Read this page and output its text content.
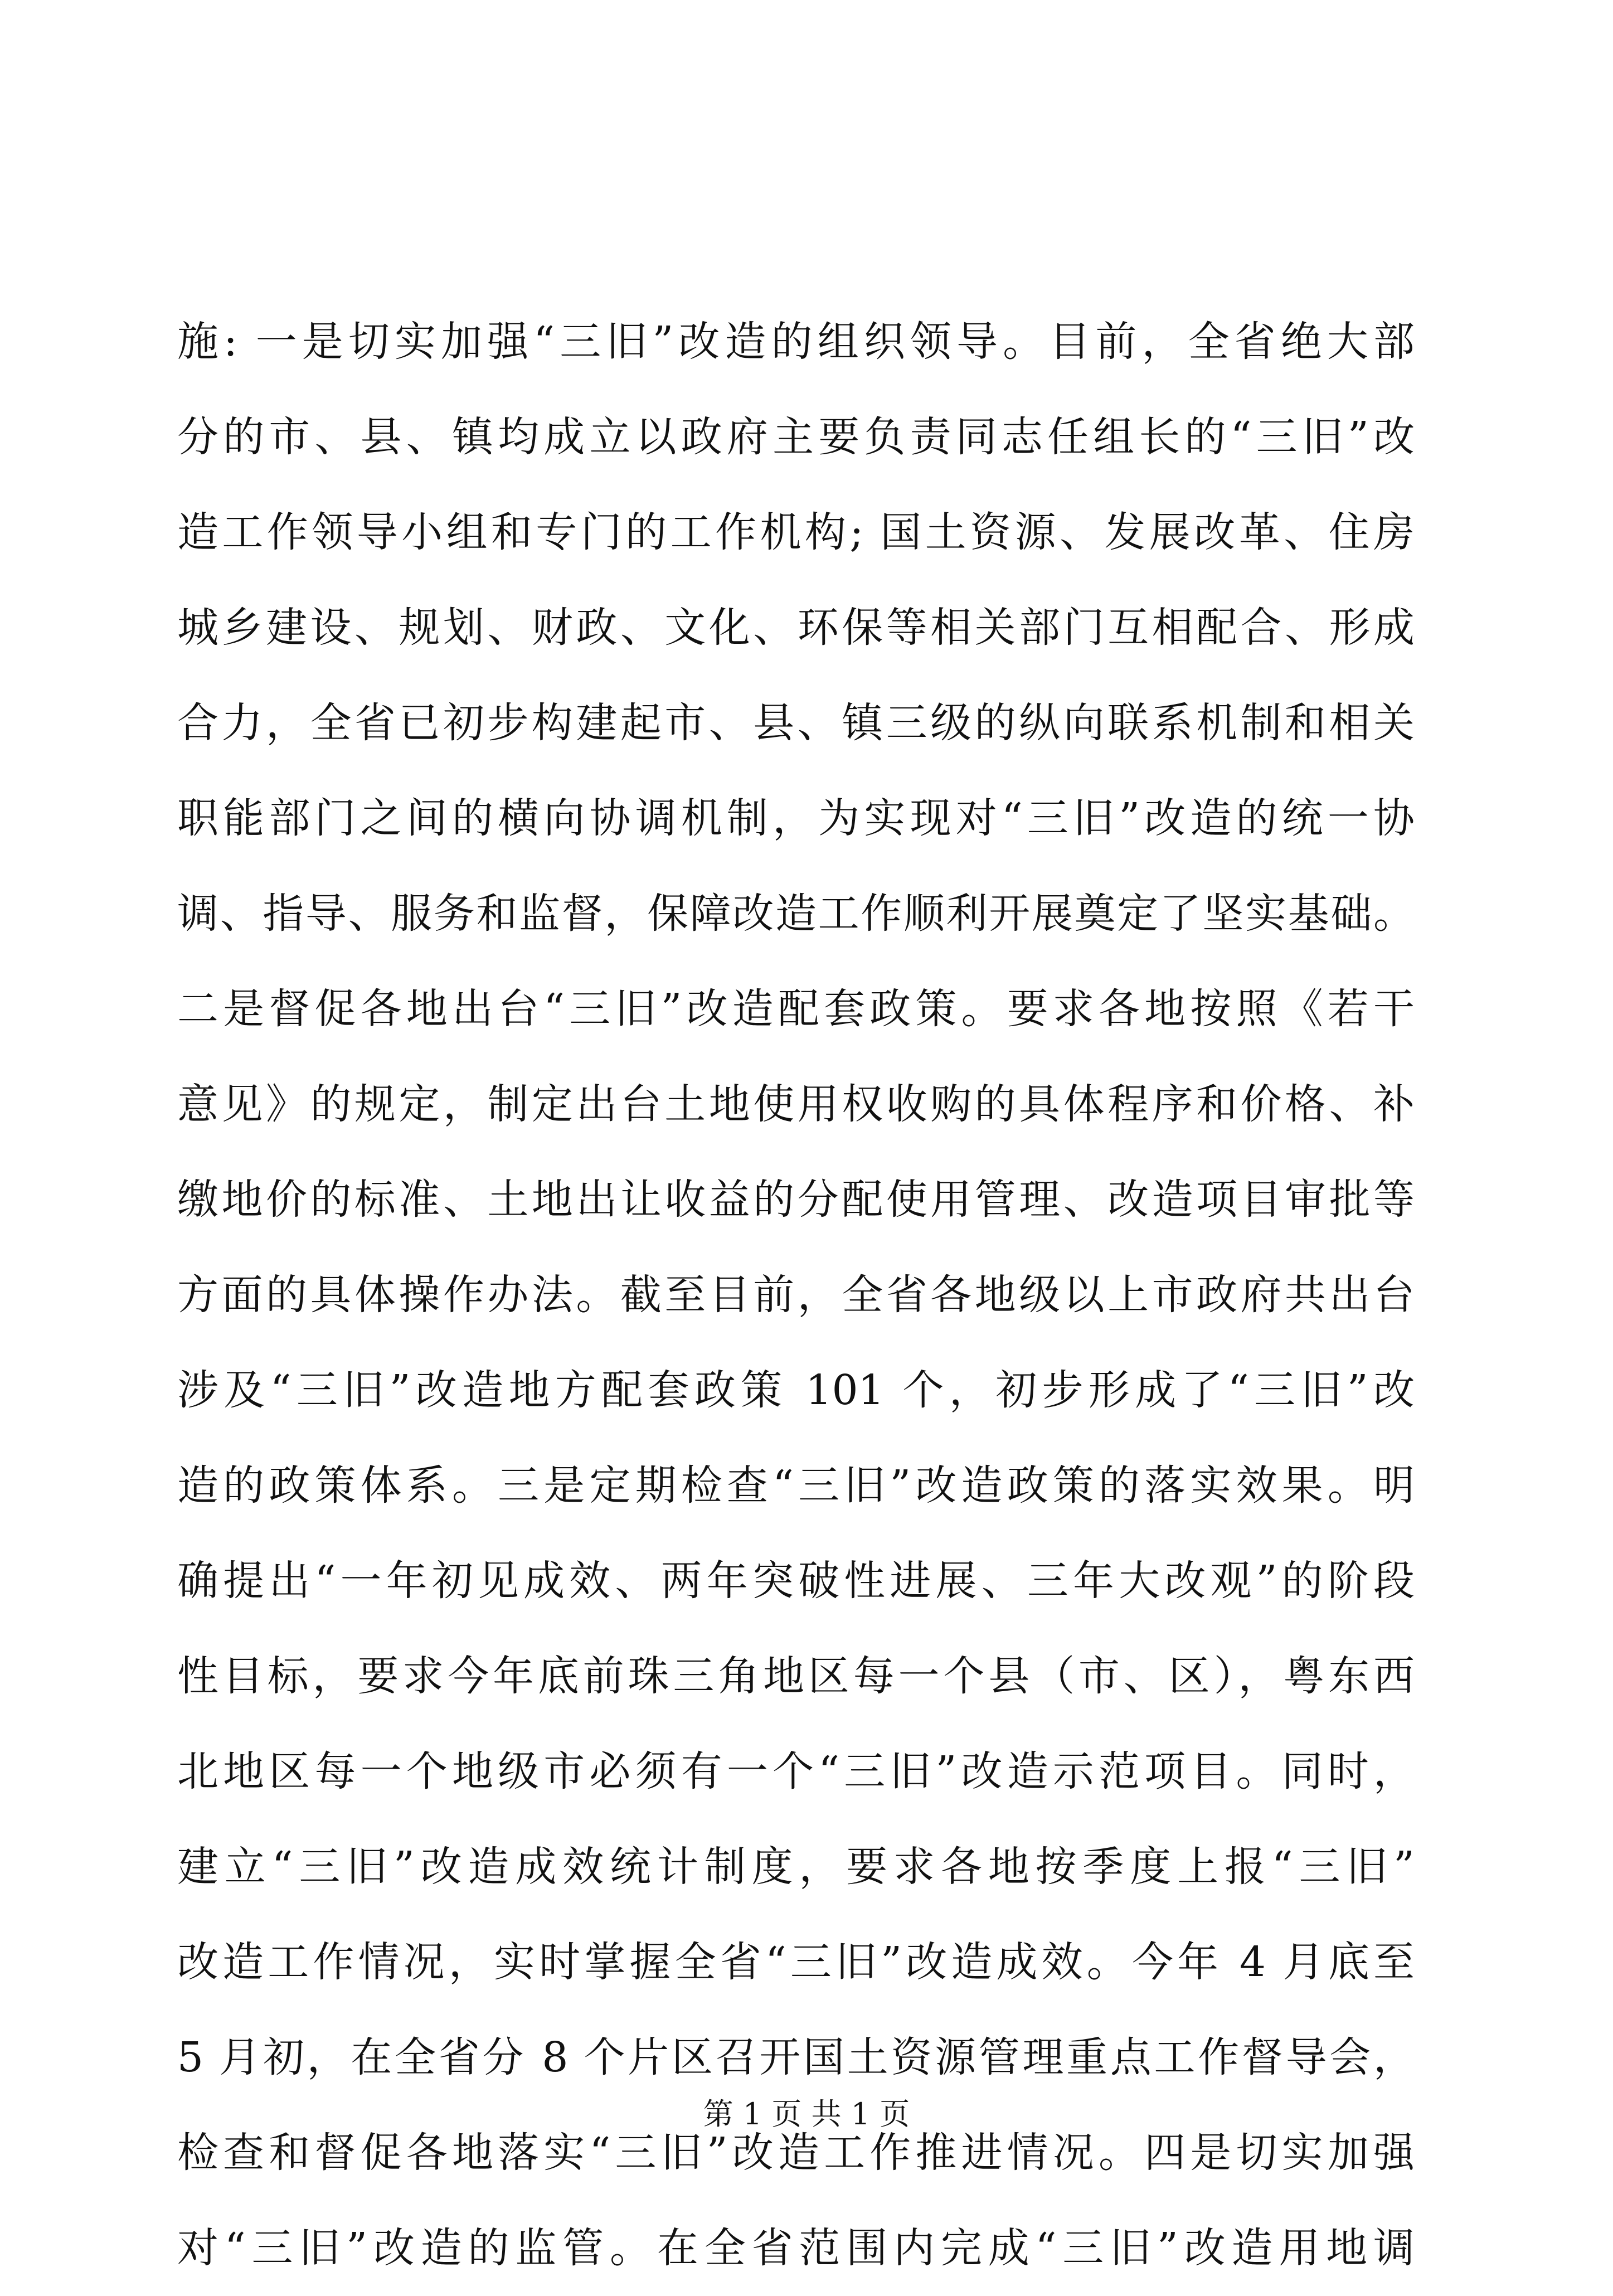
施: 一是切实加强“三旧”改造的组织领导。目前，全省绝大部
分的市、县、镇均成立以政府主要负责同志任组长的“三旧”改
造工作领导小组和专门的工作机构; 国土资源、发展改革、住房
城乡建设、规划、财政、文化、环保等相关部门互相配合、形成
合力，全省已初步构建起市、县、镇三级的纵向联系机制和相关
职能部门之间的横向协调机制，为实现对“三旧”改造的统一协
调、指导、服务和监督，保障改造工作顺利开展奠定了坚实基础。
二是督促各地出台“三旧”改造配套政策。要求各地按照《若干
意见》的规定，制定出台土地使用权收购的具体程序和价格、补
缴地价的标准、土地出让收益的分配使用管理、改造项目审批等
方面的具体操作办法。截至目前，全省各地级以上市政府共出台
涉及“三旧”改造地方配套政策 101 个，初步形成了“三旧”改
造的政策体系。三是定期检查“三旧”改造政策的落实效果。明
确提出“一年初见成效、两年突破性进展、三年大改观”的阶段
性目标，要求今年底前珠三角地区每一个县（市、区），粤东西
北地区每一个地级市必须有一个“三旧”改造示范项目。同时，
建立“三旧”改造成效统计制度，要求各地按季度上报“三旧”
改造工作情况，实时掌握全省“三旧”改造成效。今年 4 月底至
5 月初，在全省分 8 个片区召开国土资源管理重点工作督导会，
检查和督促各地落实“三旧”改造工作推进情况。四是切实加强
对“三旧”改造的监管。在全省范围内完成“三旧”改造用地调
第 1 页 共 1 页
